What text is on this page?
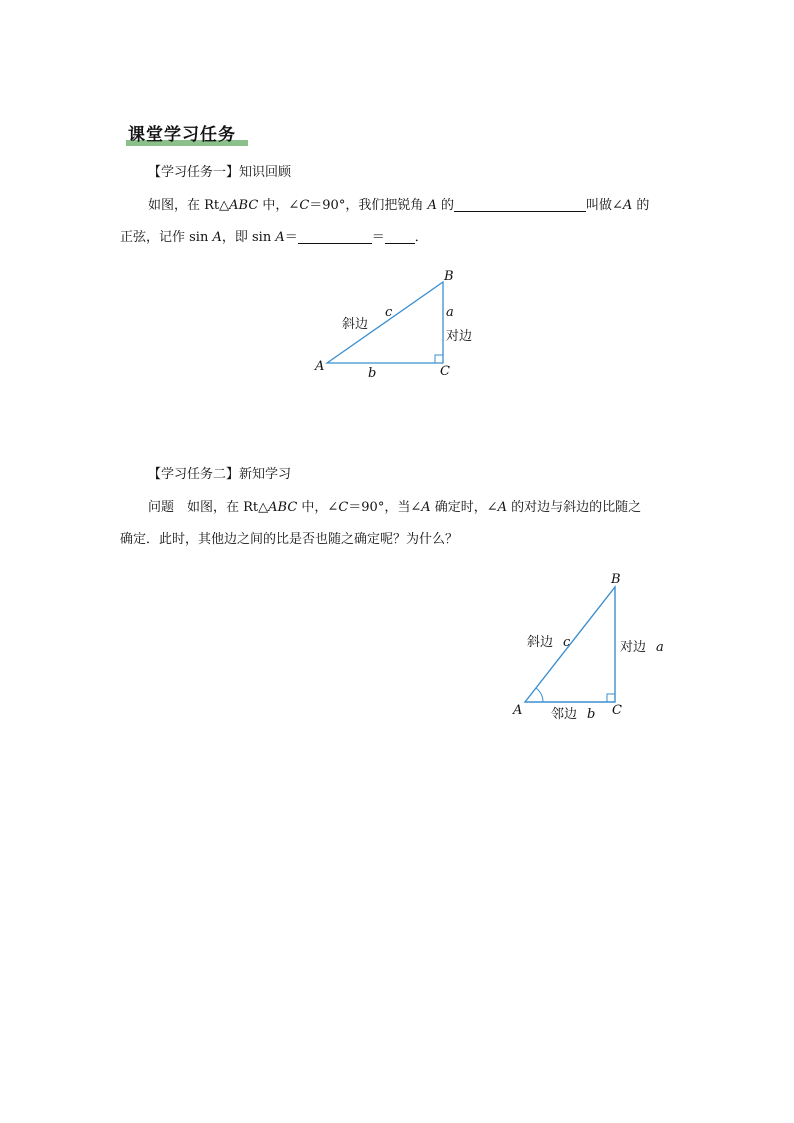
课堂学习任务
【学习任务一】知识回顾
如图，在 Rt△ABC 中，∠C＝90°，我们把锐角 A 的	叫做∠A 的
正弦，记作 sin A，即 sin A＝	＝ ．
B
A	C
c
斜边
a
对边
b
【学习任务二】新知学习
问题　如图，在 Rt△ABC 中，∠C＝90°，当∠A 确定时，∠A 的对边与斜边的比随之
确定．此时，其他边之间的比是否也随之确定呢？为什么？
B
A	C
斜边 c	对边 a
邻边 b
